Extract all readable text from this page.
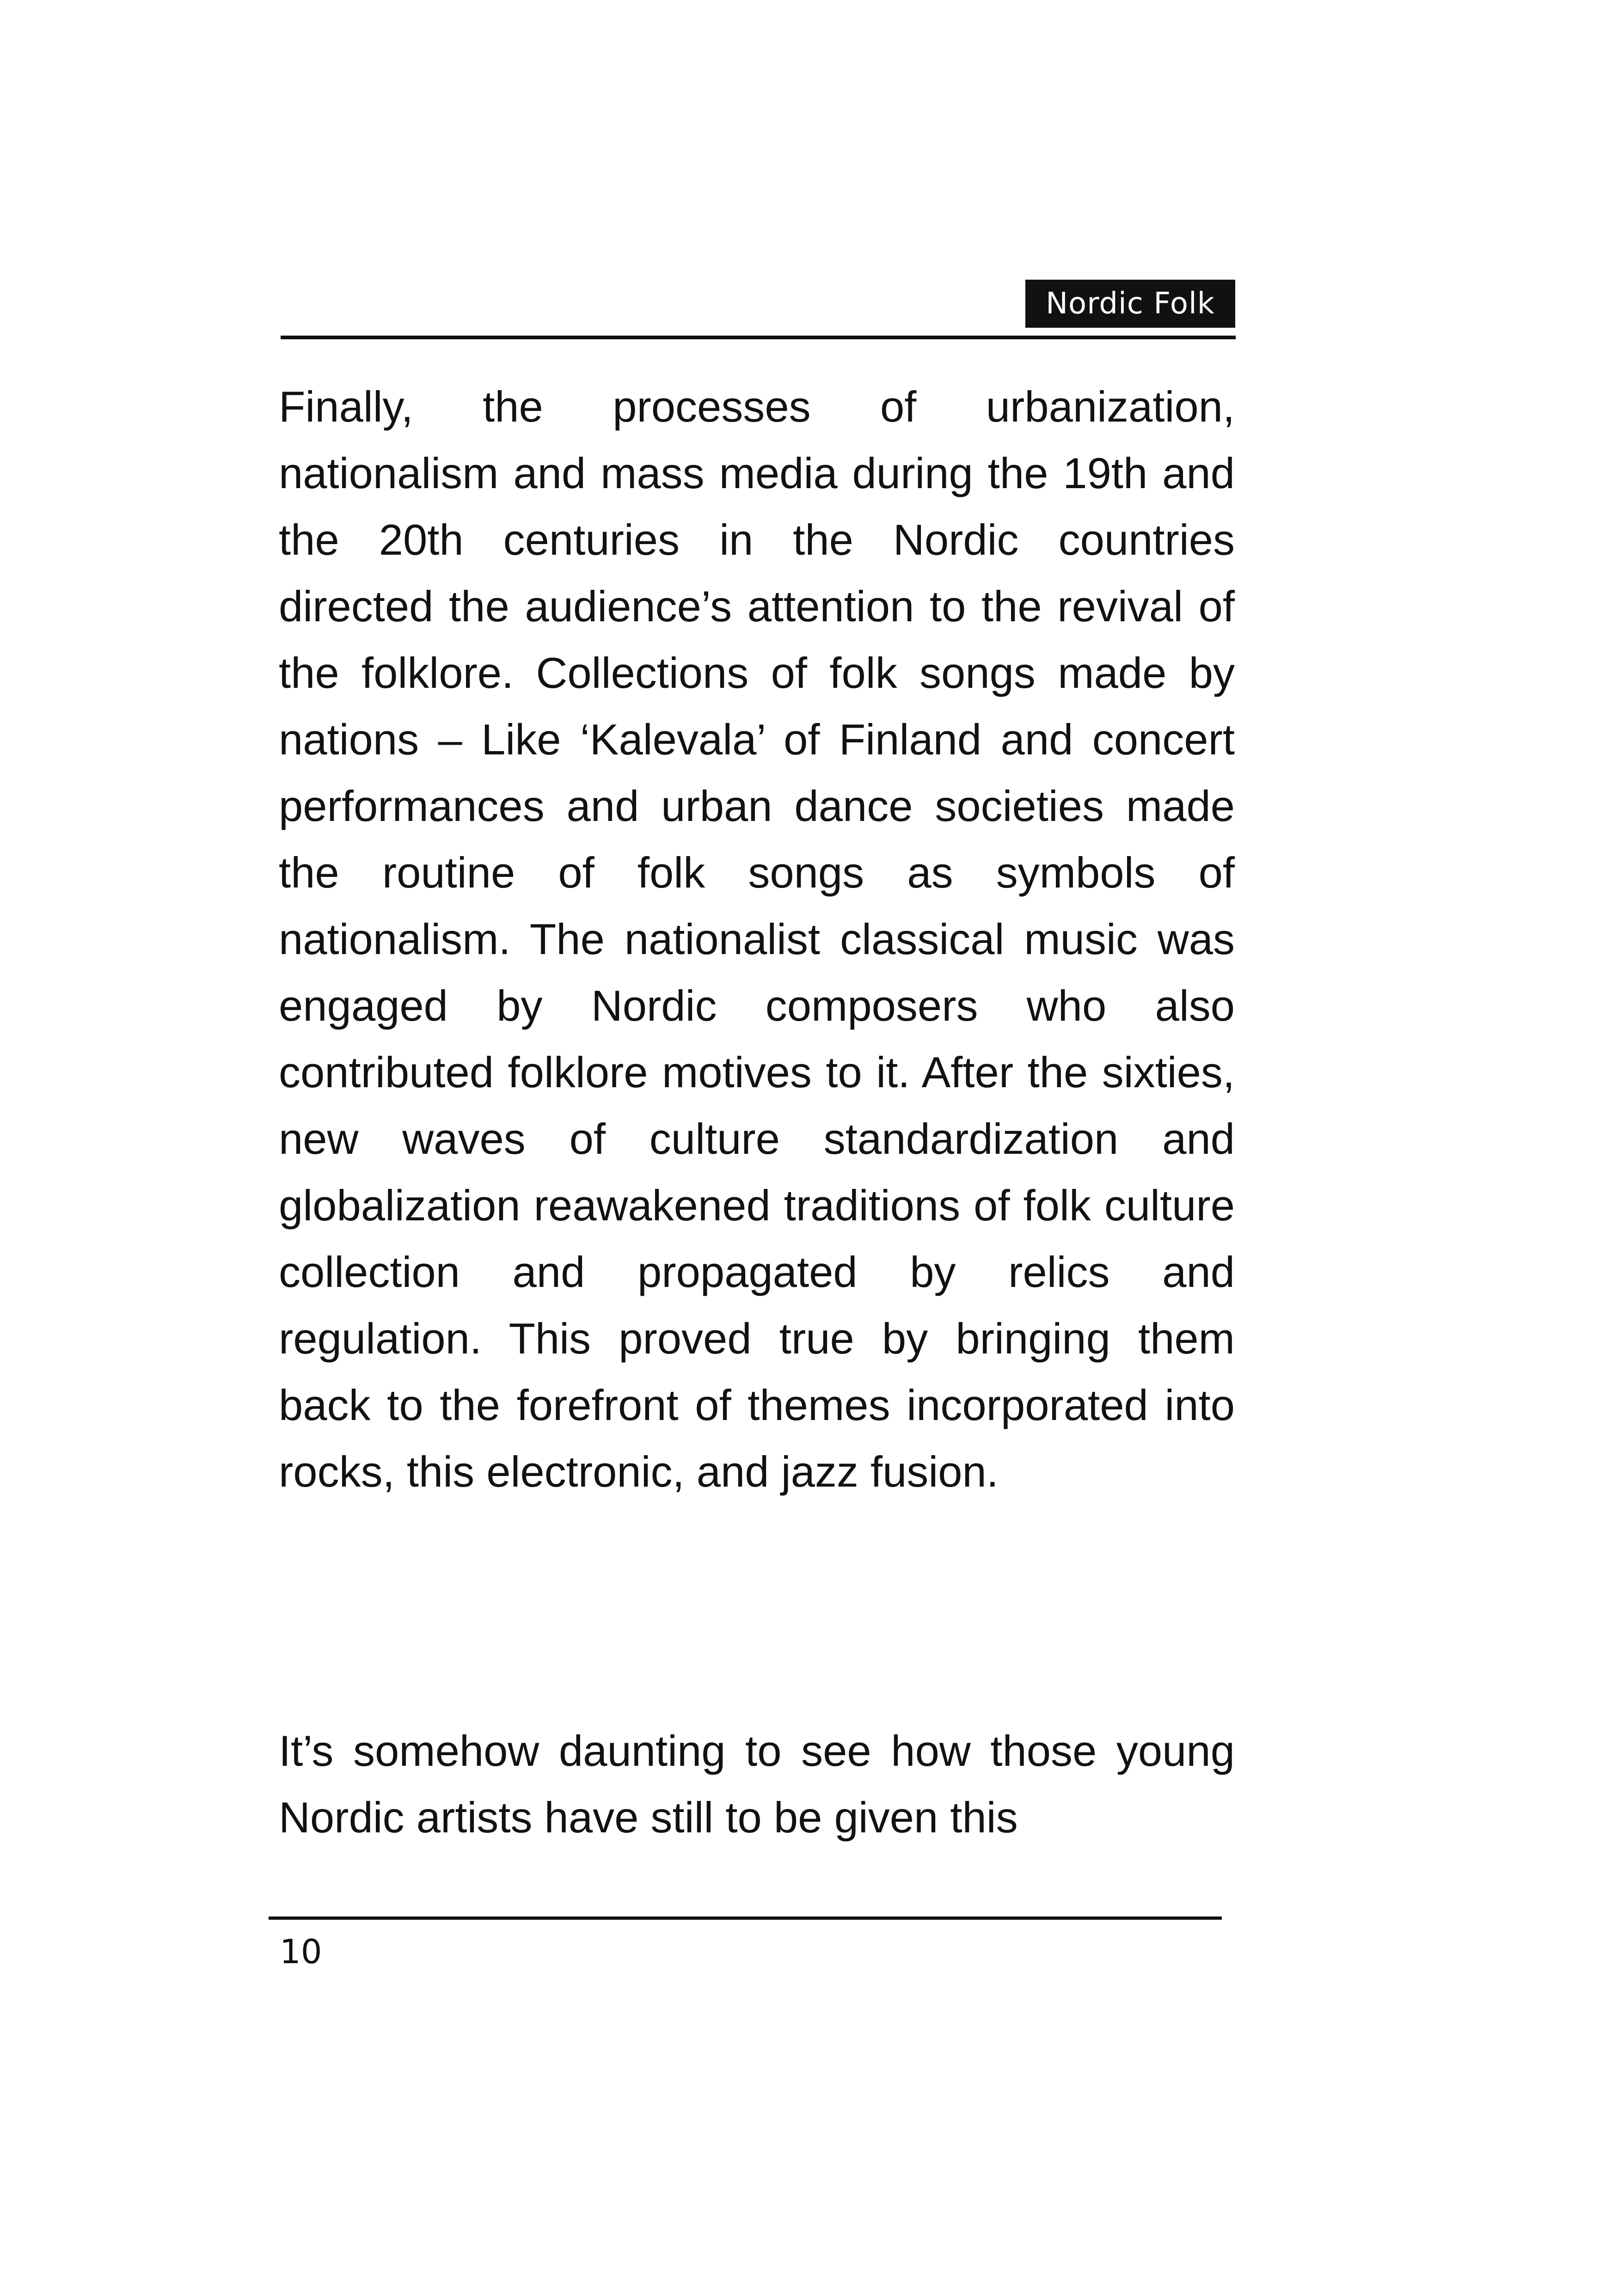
Nordic Folk

Finally, the processes of urbanization, nationalism and mass media during the 19th and the 20th centuries in the Nordic countries directed the audience’s attention to the revival of the folklore. Collections of folk songs made by nations – Like ‘Kalevala’ of Finland and concert performances and urban dance societies made the routine of folk songs as symbols of nationalism. The nationalist classical music was engaged by Nordic composers who also contributed folklore motives to it. After the sixties, new waves of culture standardization and globalization reawakened traditions of folk culture collection and propagated by relics and regulation. This proved true by bringing them back to the forefront of themes incorporated into rocks, this electronic, and jazz fusion.

It’s somehow daunting to see how those young Nordic artists have still to be given this

10
